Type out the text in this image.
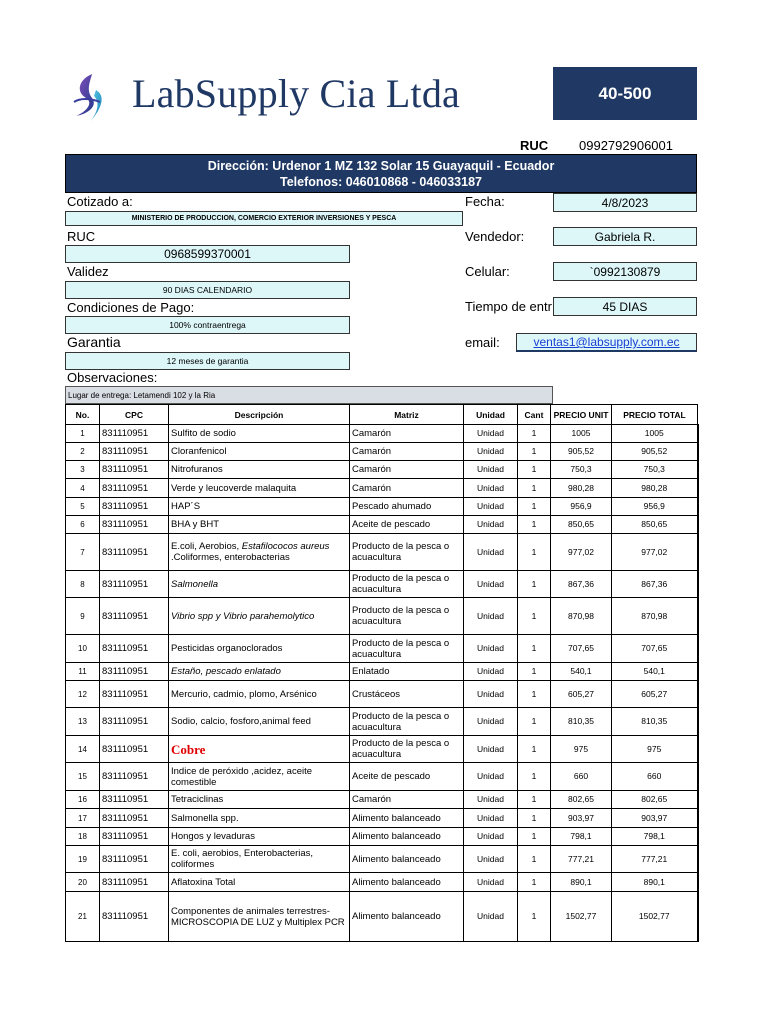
LabSupply Cia Ltda	40-500
RUC 0992792906001
Dirección: Urdenor 1 MZ 132 Solar 15 Guayaquil - Ecuador
Telefonos: 046010868 - 046033187
Cotizado a:
MINISTERIO DE PRODUCCION, COMERCIO EXTERIOR INVERSIONES Y PESCA
RUC
0968599370001
Validez
90 DIAS CALENDARIO
Condiciones de Pago:
100% contraentrega
Garantia
12 meses de garantia
Observaciones:
Fecha:	4/8/2023
Vendedor:	Gabriela R.
Celular:	`0992130879
Tiempo de entr	45 DIAS
email:	ventas1@labsupply.com.ec
Lugar de entrega: Letamendi 102 y la Ria
No.	CPC	Descripción	Matriz	Unidad	Cant	PRECIO UNIT	PRECIO TOTAL
1	831110951	Sulfito de sodio	Camarón	Unidad	1	1005	1005
2	831110951	Cloranfenicol	Camarón	Unidad	1	905,52	905,52
3	831110951	Nitrofuranos	Camarón	Unidad	1	750,3	750,3
4	831110951	Verde y leucoverde malaquita	Camarón	Unidad	1	980,28	980,28
5	831110951	HAP´S	Pescado ahumado	Unidad	1	956,9	956,9
6	831110951	BHA y BHT	Aceite de pescado	Unidad	1	850,65	850,65
7	831110951	E.coli, Aerobios, Estafilococos aureus .Coliformes, enterobacterias	Producto de la pesca o acuacultura	Unidad	1	977,02	977,02
8	831110951	Salmonella	Producto de la pesca o acuacultura	Unidad	1	867,36	867,36
9	831110951	Vibrio spp y Vibrio parahemolytico	Producto de la pesca o acuacultura	Unidad	1	870,98	870,98
10	831110951	Pesticidas organoclorados	Producto de la pesca o acuacultura	Unidad	1	707,65	707,65
11	831110951	Estaño, pescado enlatado	Enlatado	Unidad	1	540,1	540,1
12	831110951	Mercurio, cadmio, plomo, Arsénico	Crustáceos	Unidad	1	605,27	605,27
13	831110951	Sodio, calcio, fosforo,animal feed	Producto de la pesca o acuacultura	Unidad	1	810,35	810,35
14	831110951	Cobre	Producto de la pesca o acuacultura	Unidad	1	975	975
15	831110951	Indice de peróxido ,acidez, aceite comestible	Aceite de pescado	Unidad	1	660	660
16	831110951	Tetraciclinas	Camarón	Unidad	1	802,65	802,65
17	831110951	Salmonella spp.	Alimento balanceado	Unidad	1	903,97	903,97
18	831110951	Hongos y levaduras	Alimento balanceado	Unidad	1	798,1	798,1
19	831110951	E. coli, aerobios, Enterobacterias, coliformes	Alimento balanceado	Unidad	1	777,21	777,21
20	831110951	Aflatoxina Total	Alimento balanceado	Unidad	1	890,1	890,1
21	831110951	Componentes de animales terrestres- MICROSCOPIA DE LUZ y Multiplex PCR	Alimento balanceado	Unidad	1	1502,77	1502,77
